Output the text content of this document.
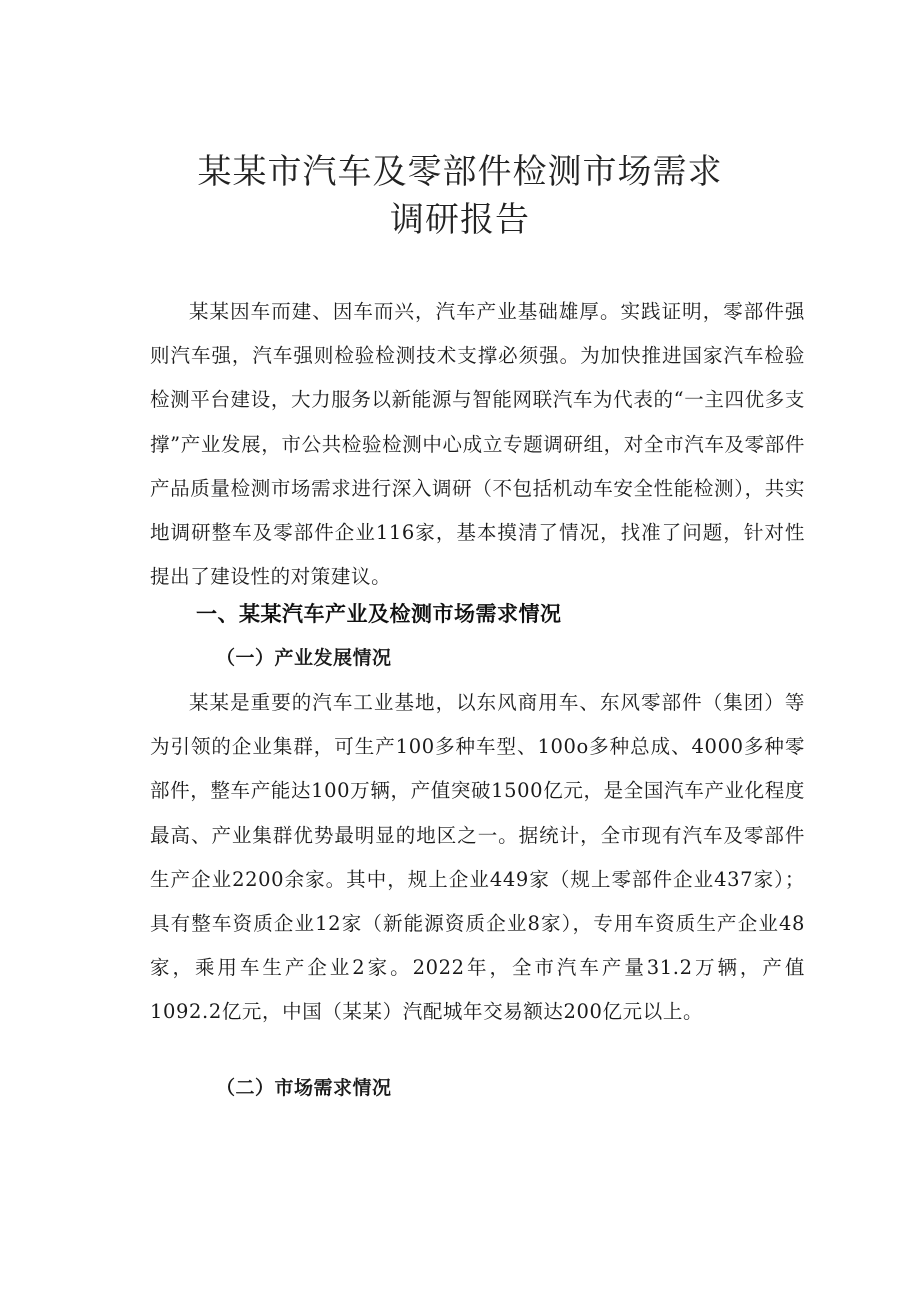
某某市汽车及零部件检测市场需求
调研报告

某某因车而建、因车而兴，汽车产业基础雄厚。实践证明，零部件强则汽车强，汽车强则检验检测技术支撑必须强。为加快推进国家汽车检验检测平台建设，大力服务以新能源与智能网联汽车为代表的“一主四优多支撑”产业发展，市公共检验检测中心成立专题调研组，对全市汽车及零部件产品质量检测市场需求进行深入调研（不包括机动车安全性能检测），共实地调研整车及零部件企业116家，基本摸清了情况，找准了问题，针对性提出了建设性的对策建议。

一、某某汽车产业及检测市场需求情况
（一）产业发展情况

某某是重要的汽车工业基地，以东风商用车、东风零部件（集团）等为引领的企业集群，可生产100多种车型、100o多种总成、4000多种零部件，整车产能达100万辆，产值突破1500亿元，是全国汽车产业化程度最高、产业集群优势最明显的地区之一。据统计，全市现有汽车及零部件生产企业2200余家。其中，规上企业449家（规上零部件企业437家）；具有整车资质企业12家（新能源资质企业8家），专用车资质生产企业48家，乘用车生产企业2家。2022年，全市汽车产量31.2万辆，产值1092.2亿元，中国（某某）汽配城年交易额达200亿元以上。

（二）市场需求情况
